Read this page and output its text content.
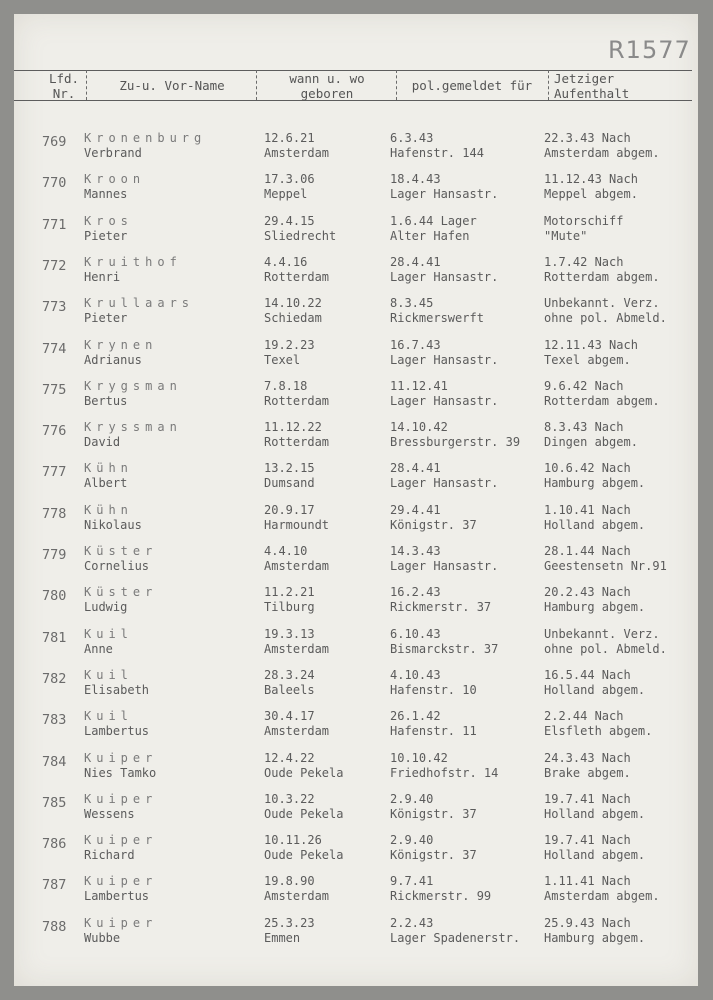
R1577
Lfd.
Nr.
Zu-u. Vor-Name	wann u. wo
geboren
pol.gemeldet für	Jetziger
Aufenthalt
769 Kronenburg
Verbrand
12.6.21
Amsterdam
6.3.43
Hafenstr. 144
22.3.43 Nach
Amsterdam abgem.
770 Kroon
Mannes
17.3.06
Meppel
18.4.43
Lager Hansastr.
11.12.43 Nach
Meppel abgem.
771 Kros
Pieter
29.4.15
Sliedrecht
1.6.44 Lager
Alter Hafen
Motorschiff
"Mute"
772 Kruithof
Henri
4.4.16
Rotterdam
28.4.41
Lager Hansastr.
1.7.42 Nach
Rotterdam abgem.
773 Krullaars
Pieter
14.10.22
Schiedam
8.3.45
Rickmerswerft
Unbekannt. Verz.
ohne pol. Abmeld.
774 Krynen
Adrianus
19.2.23
Texel
16.7.43
Lager Hansastr.
12.11.43 Nach
Texel abgem.
775 Krygsman
Bertus
7.8.18
Rotterdam
11.12.41
Lager Hansastr.
9.6.42 Nach
Rotterdam abgem.
776 Kryssman
David
11.12.22
Rotterdam
14.10.42
Bressburgerstr. 39
8.3.43 Nach
Dingen abgem.
777 Kühn
Albert
13.2.15
Dumsand
28.4.41
Lager Hansastr.
10.6.42 Nach
Hamburg abgem.
778 Kühn
Nikolaus
20.9.17
Harmoundt
29.4.41
Königstr. 37
1.10.41 Nach
Holland abgem.
779 Küster
Cornelius
4.4.10
Amsterdam
14.3.43
Lager Hansastr.
28.1.44 Nach
Geestensetn Nr.91
780 Küster
Ludwig
11.2.21
Tilburg
16.2.43
Rickmerstr. 37
20.2.43 Nach
Hamburg abgem.
781 Kuil
Anne
19.3.13
Amsterdam
6.10.43
Bismarckstr. 37
Unbekannt. Verz.
ohne pol. Abmeld.
782 Kuil
Elisabeth
28.3.24
Baleels
4.10.43
Hafenstr. 10
16.5.44 Nach
Holland abgem.
783 Kuil
Lambertus
30.4.17
Amsterdam
26.1.42
Hafenstr. 11
2.2.44 Nach
Elsfleth abgem.
784 Kuiper
Nies Tamko
12.4.22
Oude Pekela
10.10.42
Friedhofstr. 14
24.3.43 Nach
Brake abgem.
785 Kuiper
Wessens
10.3.22
Oude Pekela
2.9.40
Königstr. 37
19.7.41 Nach
Holland abgem.
786 Kuiper
Richard
10.11.26
Oude Pekela
2.9.40
Königstr. 37
19.7.41 Nach
Holland abgem.
787 Kuiper
Lambertus
19.8.90
Amsterdam
9.7.41
Rickmerstr. 99
1.11.41 Nach
Amsterdam abgem.
788 Kuiper
Wubbe
25.3.23
Emmen
2.2.43
Lager Spadenerstr.
25.9.43 Nach
Hamburg abgem.
